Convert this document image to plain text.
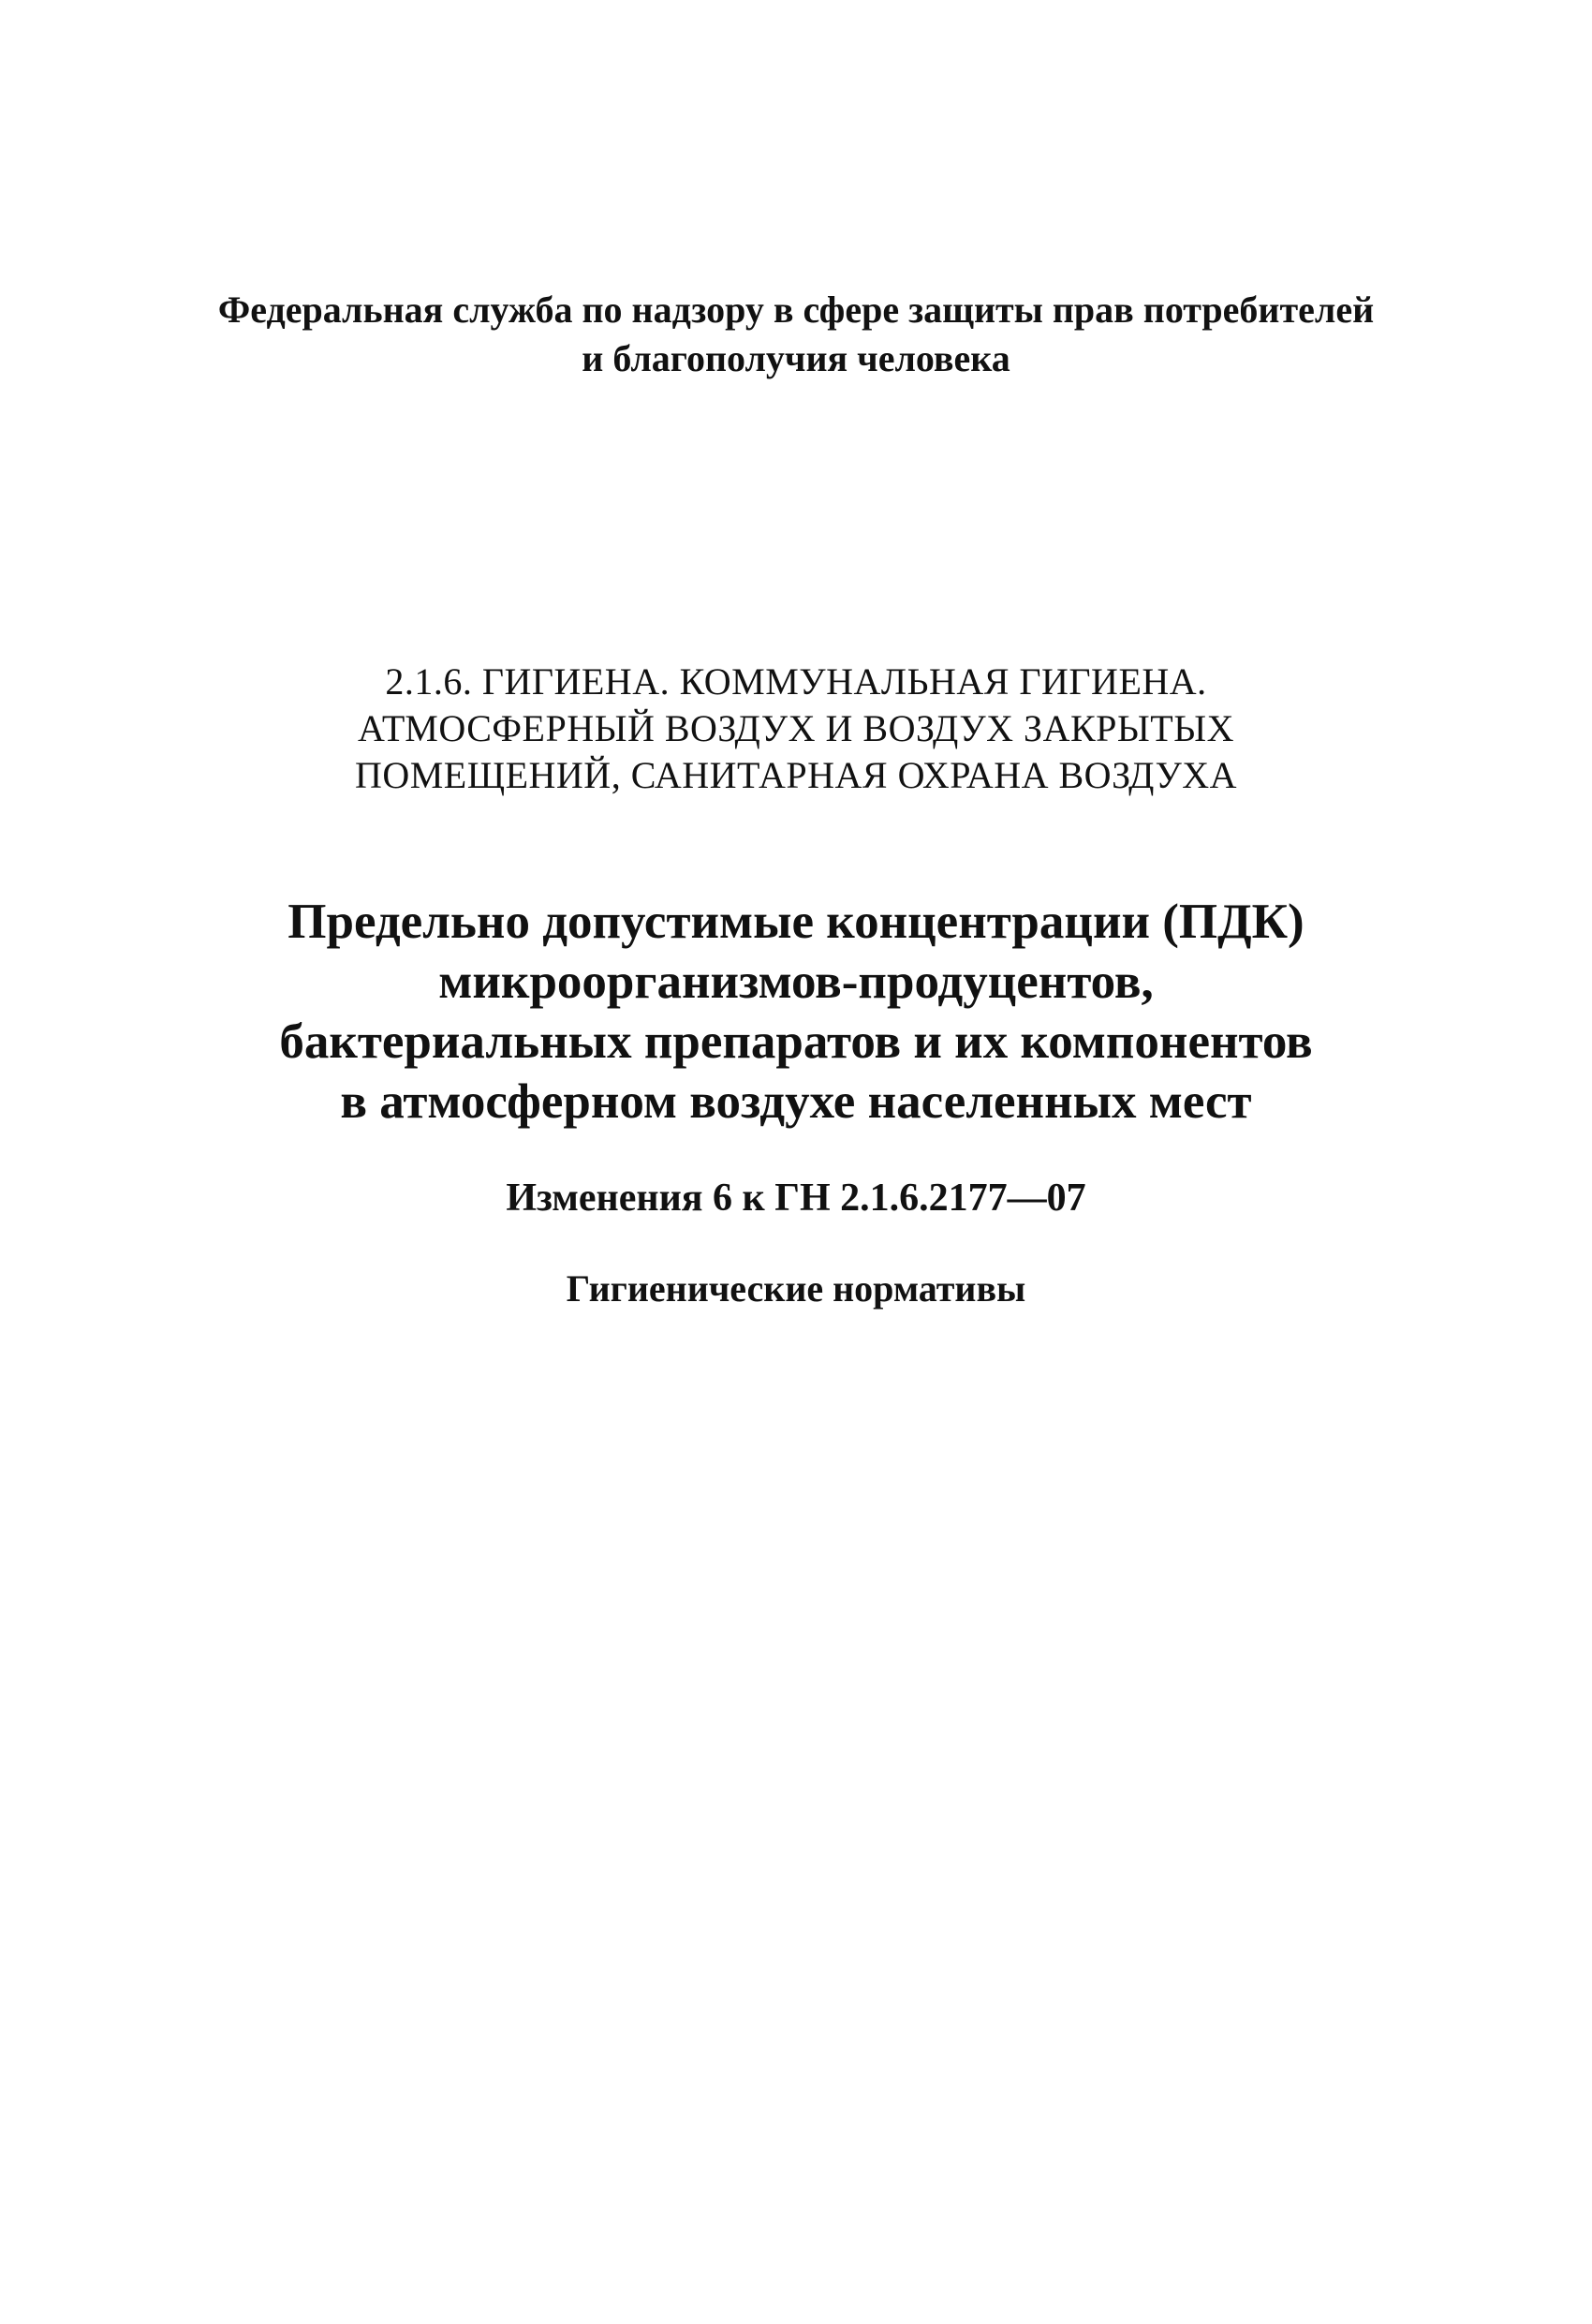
Федеральная служба по надзору в сфере защиты прав потребителей
и благополучия человека
2.1.6. ГИГИЕНА. КОММУНАЛЬНАЯ ГИГИЕНА.
АТМОСФЕРНЫЙ ВОЗДУХ И ВОЗДУХ ЗАКРЫТЫХ
ПОМЕЩЕНИЙ, САНИТАРНАЯ ОХРАНА ВОЗДУХА
Предельно допустимые концентрации (ПДК)
микроорганизмов-продуцентов,
бактериальных препаратов и их компонентов
в атмосферном воздухе населенных мест
Изменения 6 к ГН 2.1.6.2177—07
Гигиенические нормативы
